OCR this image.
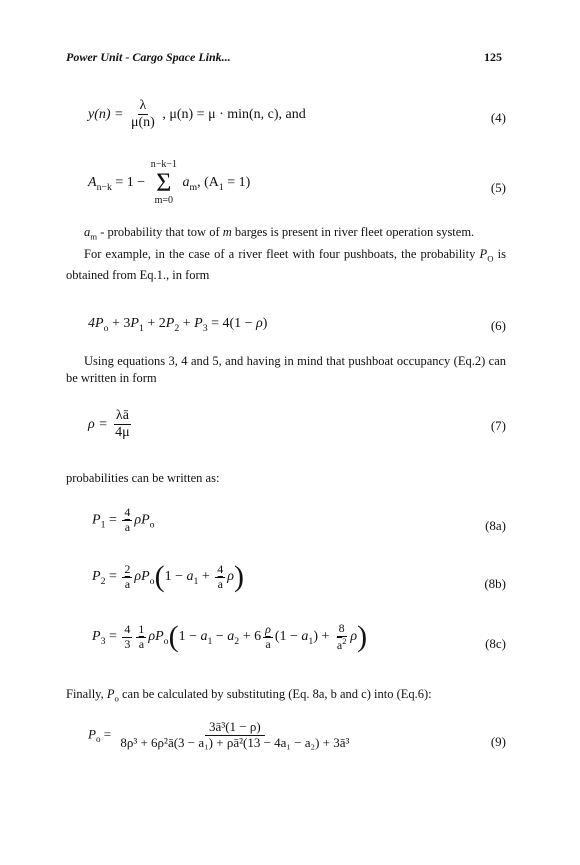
Power Unit - Cargo Space Link...	125
$y(n) = \frac{\lambda}{\mu(n)}$ , μ(n) = μ · min(n, c), and	(4)
$A_{n-k} = 1$ −
n−k−1
Σ
m=0
$a_m$, $(A_1 = 1)$	(5)
$a_m$ - probability that tow of m barges is present in river fleet operation system.
For example, in the case of a river fleet with four pushboats, the probability $P_O$ is obtained from Eq.1., in form
$4P_o + 3P_1 + 2P_2 + P_3 = 4(1 - \rho)$	(6)
Using equations 3, 4 and 5, and having in mind that pushboat occupancy (Eq.2) can be written in form
$\rho = \frac{\lambda ā}{4\mu}$	(7)
probabilities can be written as:
$P_1 = \frac{4}{a} \rho P_o$	(8a)
$P_2 = \frac{2}{a} \rho P_o(1 - a_1 + \frac{4}{a} \rho)$	(8b)
$P_3 = \frac{4}{3} \frac{1}{a} \rho P_o(1 - a_1 - a_2 + 6 \frac{\rho}{a} (1 - a_1) + \frac{8}{\overline{a}^2} \rho)$	(8c)
Finally, $P_o$ can be calculated by substituting (Eq. 8a, b and c) into (Eq.6):
$P_o = \frac{\text{3ā³(1 − ρ)}}{\text{8ρ³ + 6ρ²ā(3 − a₁) + ρā²(13 − 4a₁ − a₂) + 3ā³}}$	(9)
